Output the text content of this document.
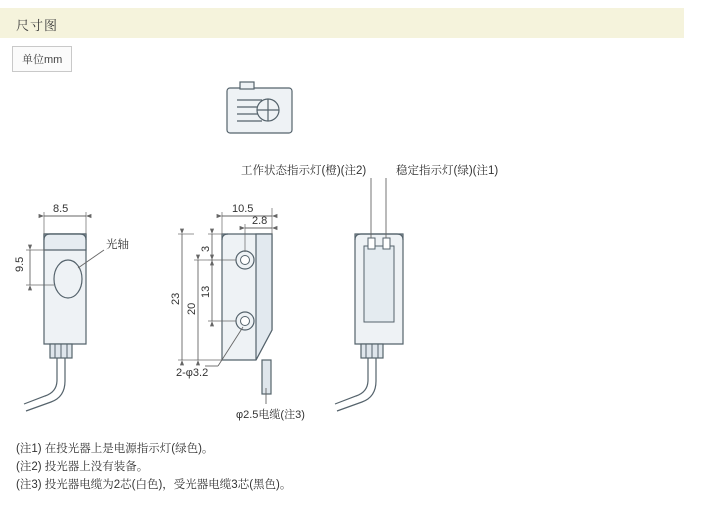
尺寸图
单位mm
光轴
8.5
9.5
10.5
2.8
3
13
20
23
2-φ3.2
φ2.5电缆(注3)
工作状态指示灯(橙)(注2)	稳定指示灯(绿)(注1)
(注1) 在投光器上是电源指示灯(绿色)。
(注2) 投光器上没有装备。
(注3) 投光器电缆为2芯(白色)，受光器电缆3芯(黑色)。
